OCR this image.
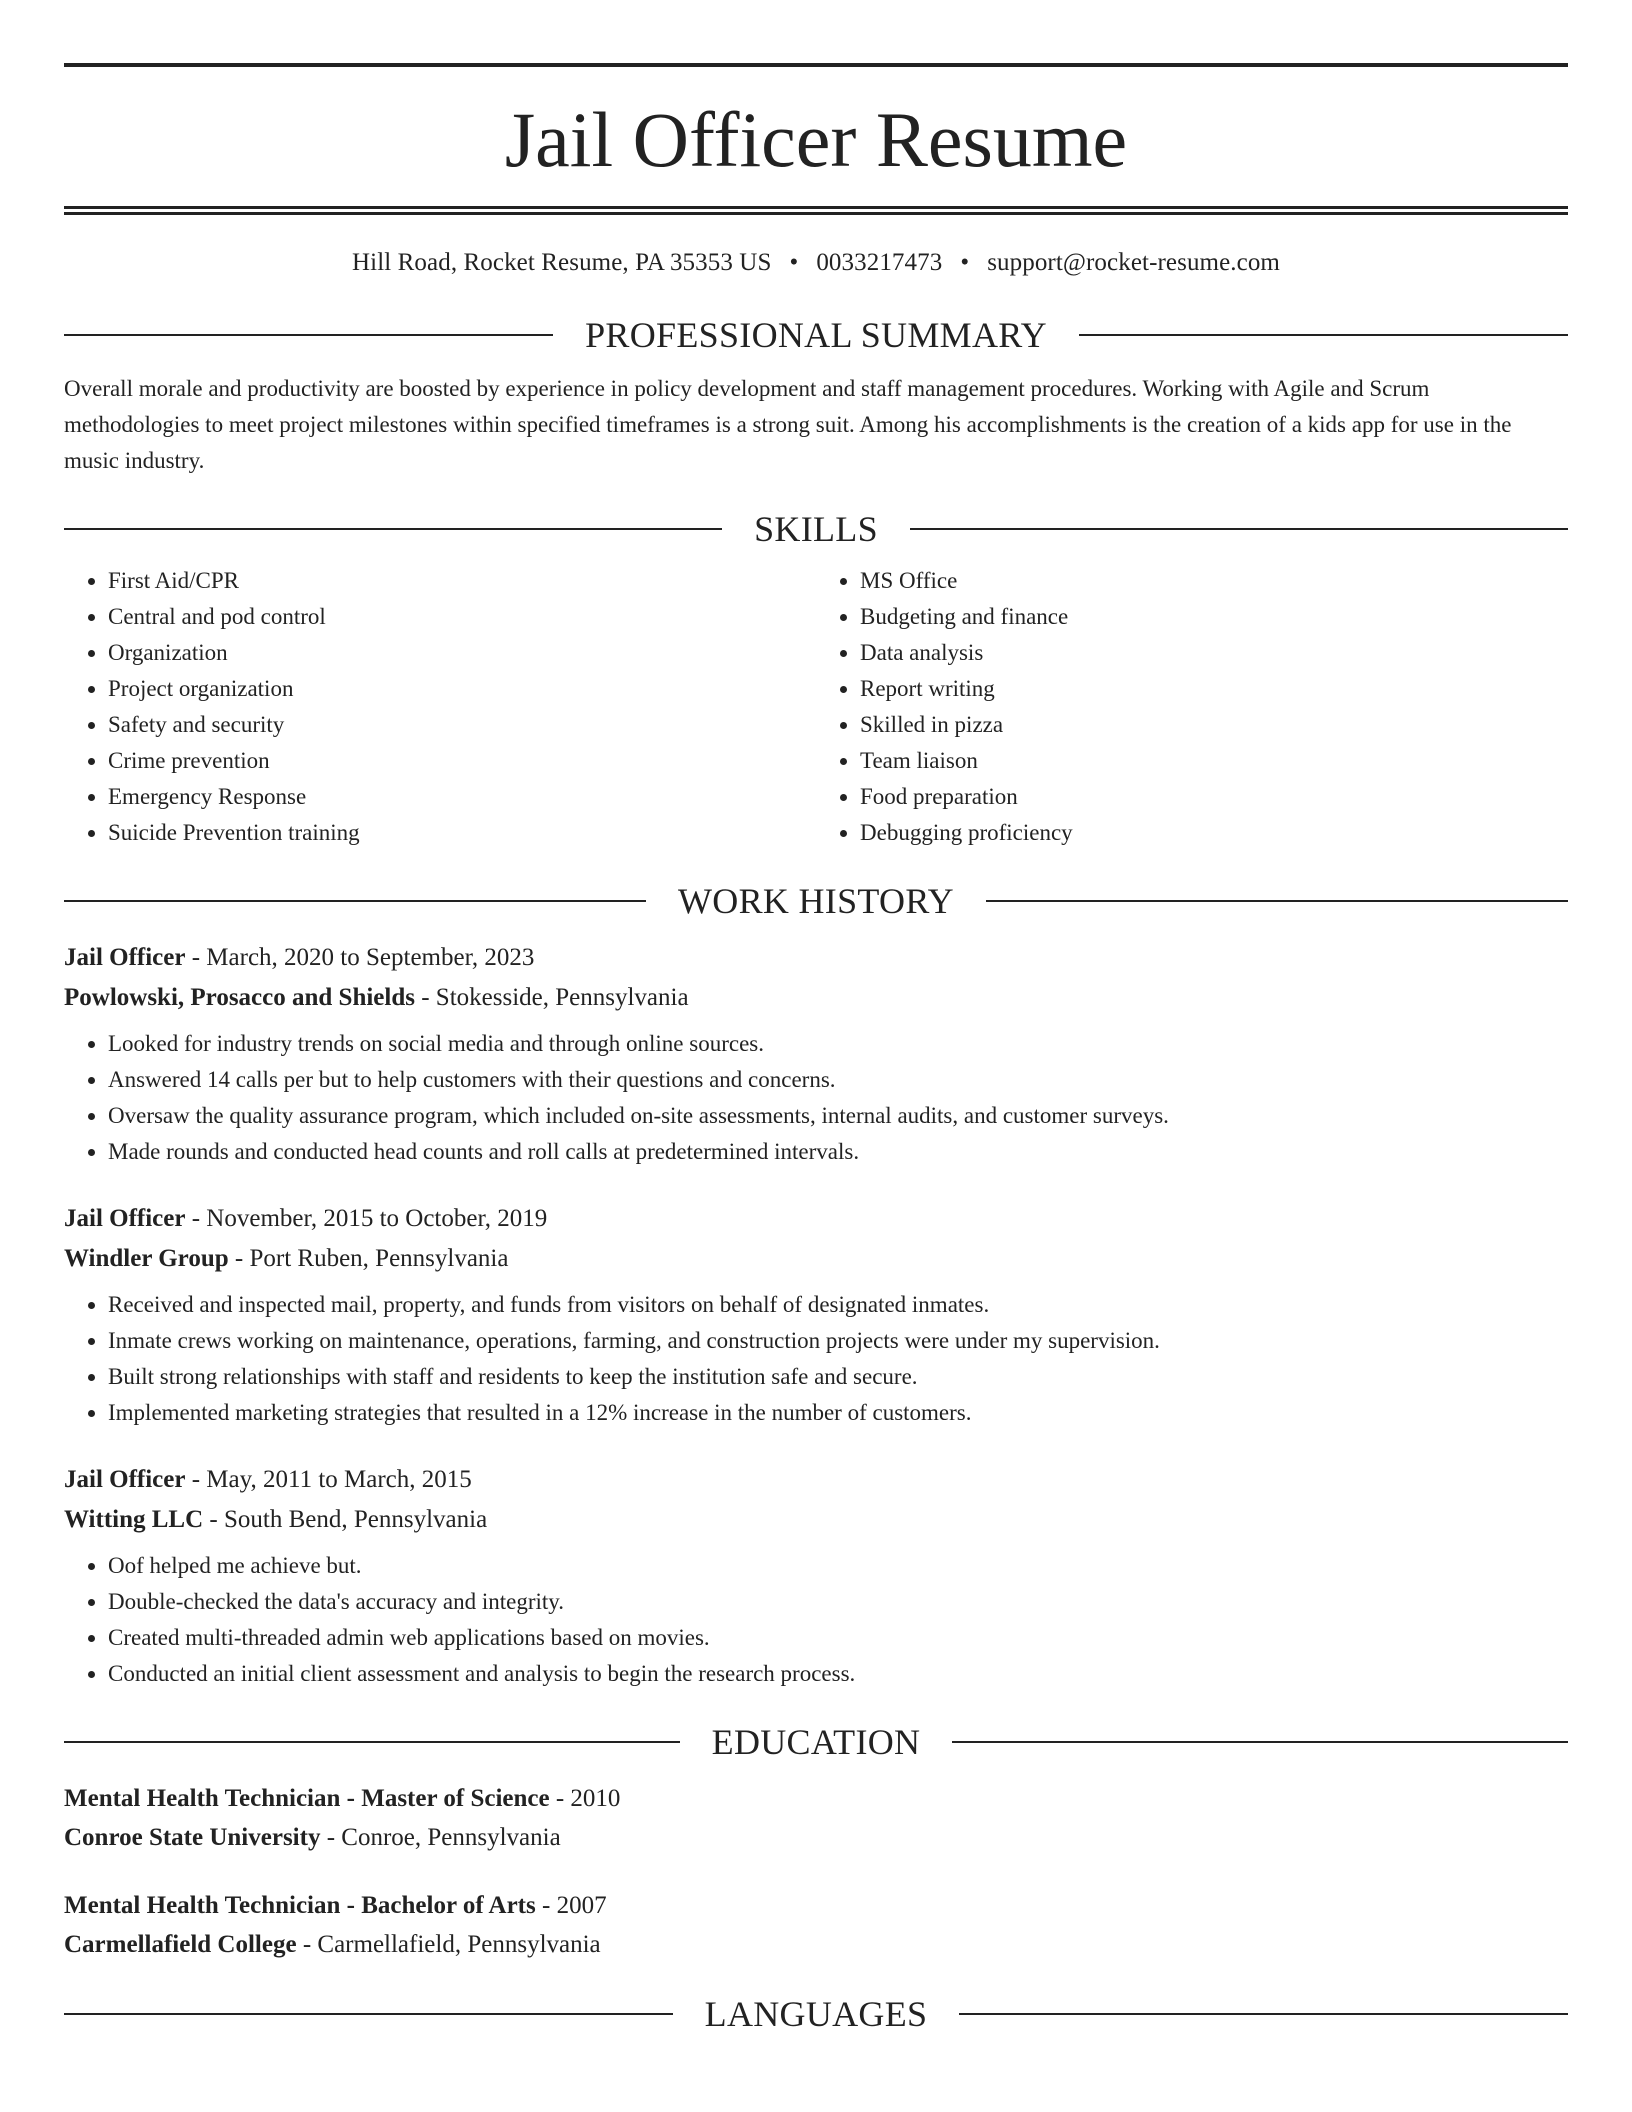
Jail Officer Resume
Hill Road, Rocket Resume, PA 35353 US • 0033217473 • support@rocket-resume.com
PROFESSIONAL SUMMARY
Overall morale and productivity are boosted by experience in policy development and staff management procedures. Working with Agile and Scrum methodologies to meet project milestones within specified timeframes is a strong suit. Among his accomplishments is the creation of a kids app for use in the music industry.
SKILLS
• First Aid/CPR
• Central and pod control
• Organization
• Project organization
• Safety and security
• Crime prevention
• Emergency Response
• Suicide Prevention training
• MS Office
• Budgeting and finance
• Data analysis
• Report writing
• Skilled in pizza
• Team liaison
• Food preparation
• Debugging proficiency
WORK HISTORY
Jail Officer - March, 2020 to September, 2023
Powlowski, Prosacco and Shields - Stokesside, Pennsylvania
• Looked for industry trends on social media and through online sources.
• Answered 14 calls per but to help customers with their questions and concerns.
• Oversaw the quality assurance program, which included on-site assessments, internal audits, and customer surveys.
• Made rounds and conducted head counts and roll calls at predetermined intervals.
Jail Officer - November, 2015 to October, 2019
Windler Group - Port Ruben, Pennsylvania
• Received and inspected mail, property, and funds from visitors on behalf of designated inmates.
• Inmate crews working on maintenance, operations, farming, and construction projects were under my supervision.
• Built strong relationships with staff and residents to keep the institution safe and secure.
• Implemented marketing strategies that resulted in a 12% increase in the number of customers.
Jail Officer - May, 2011 to March, 2015
Witting LLC - South Bend, Pennsylvania
• Oof helped me achieve but.
• Double-checked the data's accuracy and integrity.
• Created multi-threaded admin web applications based on movies.
• Conducted an initial client assessment and analysis to begin the research process.
EDUCATION
Mental Health Technician - Master of Science - 2010
Conroe State University - Conroe, Pennsylvania
Mental Health Technician - Bachelor of Arts - 2007
Carmellafield College - Carmellafield, Pennsylvania
LANGUAGES
